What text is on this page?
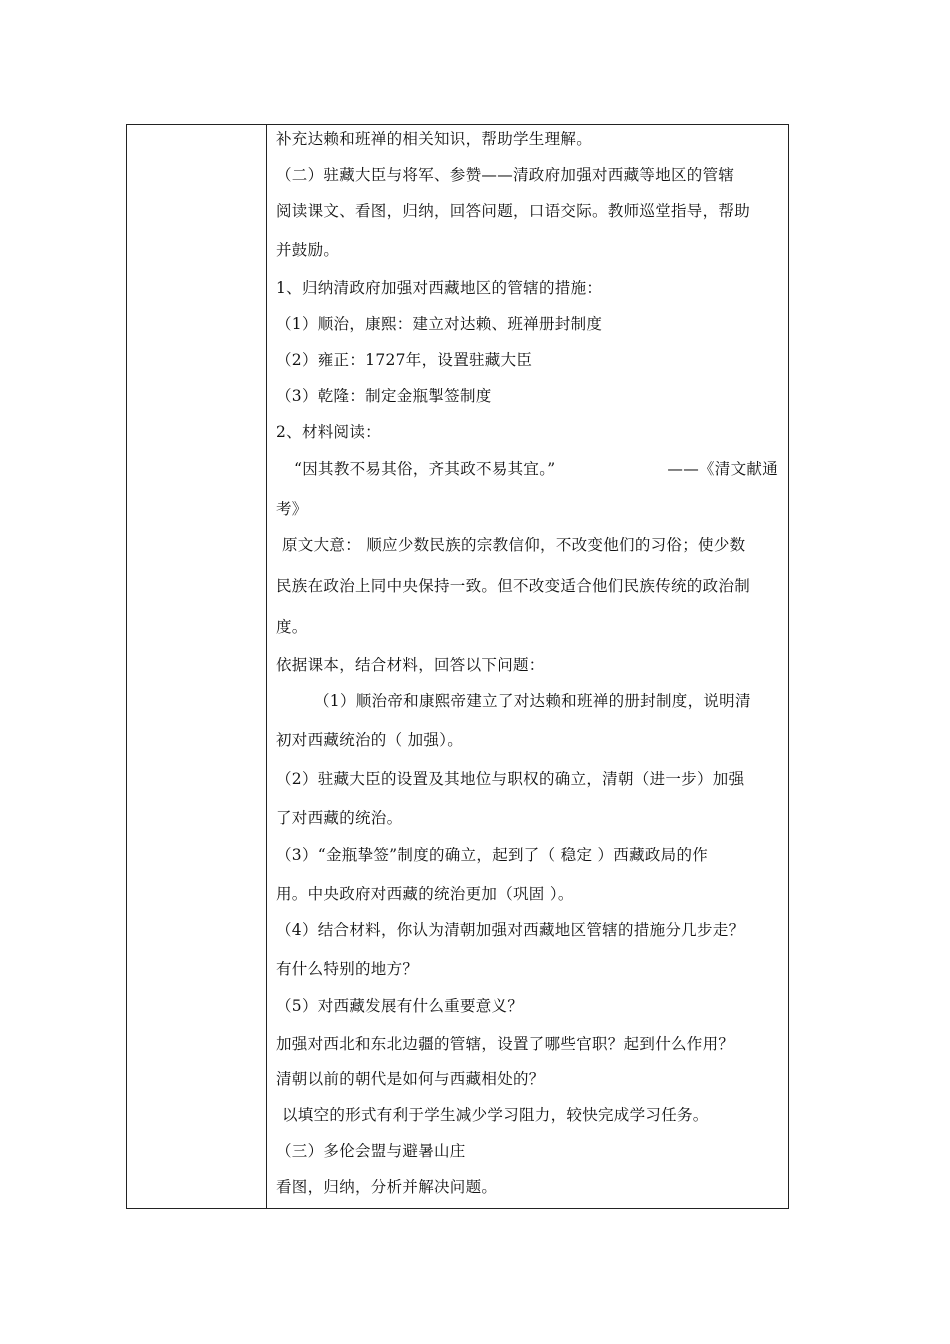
补充达赖和班禅的相关知识，帮助学生理解。
（二）驻藏大臣与将军、参赞——清政府加强对西藏等地区的管辖
阅读课文、看图，归纳，回答问题，口语交际。教师巡堂指导，帮助
并鼓励。
1、归纳清政府加强对西藏地区的管辖的措施：
（1）顺治，康熙：建立对达赖、班禅册封制度
（2）雍正：1727年，设置驻藏大臣
（3）乾隆：制定金瓶掣签制度
2、材料阅读：
“因其教不易其俗，齐其政不易其宜。”	——《清文献通
考》
原文大意： 顺应少数民族的宗教信仰，不改变他们的习俗；使少数
民族在政治上同中央保持一致。但不改变适合他们民族传统的政治制
度。
依据课本，结合材料，回答以下问题：
（1）顺治帝和康熙帝建立了对达赖和班禅的册封制度，说明清
初对西藏统治的（ 加强）。
（2）驻藏大臣的设置及其地位与职权的确立，清朝（进一步）加强
了对西藏的统治。
（3）“金瓶挚签”制度的确立，起到了（ 稳定 ）西藏政局的作
用。中央政府对西藏的统治更加（巩固 ）。
（4）结合材料，你认为清朝加强对西藏地区管辖的措施分几步走？
有什么特别的地方？
（5）对西藏发展有什么重要意义？
加强对西北和东北边疆的管辖，设置了哪些官职？起到什么作用？
清朝以前的朝代是如何与西藏相处的？
以填空的形式有利于学生减少学习阻力，较快完成学习任务。
（三）多伦会盟与避暑山庄
看图，归纳，分析并解决问题。
